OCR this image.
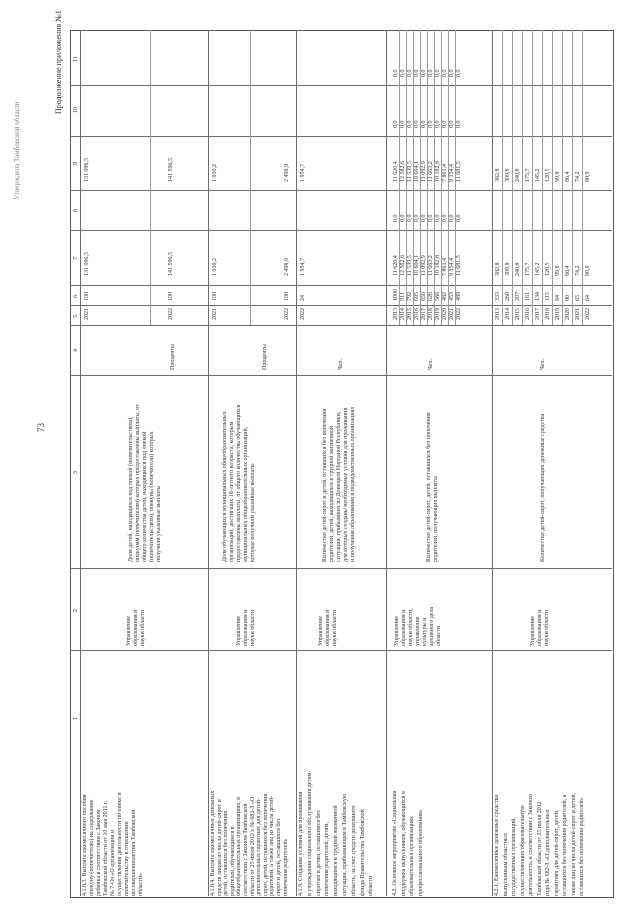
Утверждена Тамбовской области
73
Продолжение приложения №1
1
2
3
4
5
6
7
8
9
10
11
4.1.8.3. Выплата ежемесячного пособия опекуну (попечителю) на содержание ребенка в соответствии с Законом Тамбовской области от 10 мая 2011 г. № 7-Оз «О организации и осуществлении деятельности по опеке и попечительству в отношении несовершеннолетних Тамбовской области»
Управление образования и науки области
Доля детей, находящихся под опекой (попечительством), опекунам (попечителям) которых предоставлены выплаты, от общего количества детей, находящихся под опекой (попечительством), опекуны (попечители) которых получили указанные выплаты
Проценты
2021
100
131 096,5
131 096,5
2022
100
141 596,5
141 596,5
4.1.8.4. Выплата ежемесячных денежных средств лицам из числа детей-сирот и детей, оставшихся без попечения родителей, обучающимся в общеобразовательных организациях, в соответствии с Законом Тамбовской области от 25 июля 2012 г. № 682-З «О дополнительных гарантиях для детей- сирот, детей, оставшихся без попечения родителей, а также лиц из числа детей- сирот и детей, оставшихся без попечения родителей»
Управление образования и науки области
Доля обучающихся муниципальных общеобразовательных организаций, достигших 18-летнего возраста, которым предоставлены выплаты, от общего количества обучающихся муниципальных общеобразовательных организаций, которые получили указанные выплаты
Проценты
2021
100
1 030,2
1 030,2
2022
100
2 498,9
2 498,9
4.1.9. Создание условий для проживания в учреждении социального обслуживания детям- сиротам и детям, оставшимся без попечения родителей, детям, находящимся в трудной жизненной ситуации, прибывающим в Тамбовскую область, за счет средств резервного фонда Правительства Тамбовской области
Управление образования и науки области
Количество детей-сирот и детей, оставшихся без попечения родителей, детей, находящихся в трудной жизненной ситуации, прибывших из Донецкой Народной Республики, для которых созданы необходимые условия для проживания и получения образования в подведомственных организациях
Чел.
2022
24
1 954,7
1 954,7
4.2. Основное мероприятие «Социальная поддержка выпускников, обучающихся в образовательных организациях профессионального образования»
Управление образования и науки области, управление культуры и архивного дела области
Количество детей-сирот, детей, оставшихся без попечения родителей, получающих выплаты
Чел.
2013
1000
11 620,4
0,0
11 620,4
0,0
0,0
2014
911
12 582,6
0,0
12 582,6
0,0
0,0
2015
792
11 539,5
0,0
11 539,5
0,0
0,0
2016
695
10 604,1
0,0
10 604,1
0,0
0,0
2017
656
11 092,9
0,0
11 092,9
0,0
0,0
2018
626
11 663,2
0,0
11 663,2
0,0
0,0
2019
566
10 182,8
0,0
10 182,8
0,0
0,0
2020
482
7 861,4
0,0
7 861,4
0,0
0,0
2021
453
9 354,4
0,0
9 354,4
0,0
0,0
2022
489
11 681,5
0,0
11 681,5
0,0
0,0
4.2.1. Ежемесячные денежные средства выпускникам областных государственных организаций, осуществляющих образовательную деятельность, в соответствии с Законом Тамбовской области от 25 июля 2012 года № 682-З «О дополнительных гарантиях для детей-сирот, детей, оставшихся без попечения родителей, а также лиц из числа детей-сирот и детей, оставшихся без попечения родителей»
Управление образования и науки области
Количество детей-сирот, получающих денежные средства
Чел.
2013
333
382,8
382,8
2014
260
309,8
309,8
2015
207
240,8
240,8
2016
161
175,7
175,7
2017
134
145,2
145,2
2018
115
120,5
120,5
2019
84
99,8
99,8
2020
80
86,4
86,4
2021
65
74,2
74,2
2022
64
80,9
80,9
